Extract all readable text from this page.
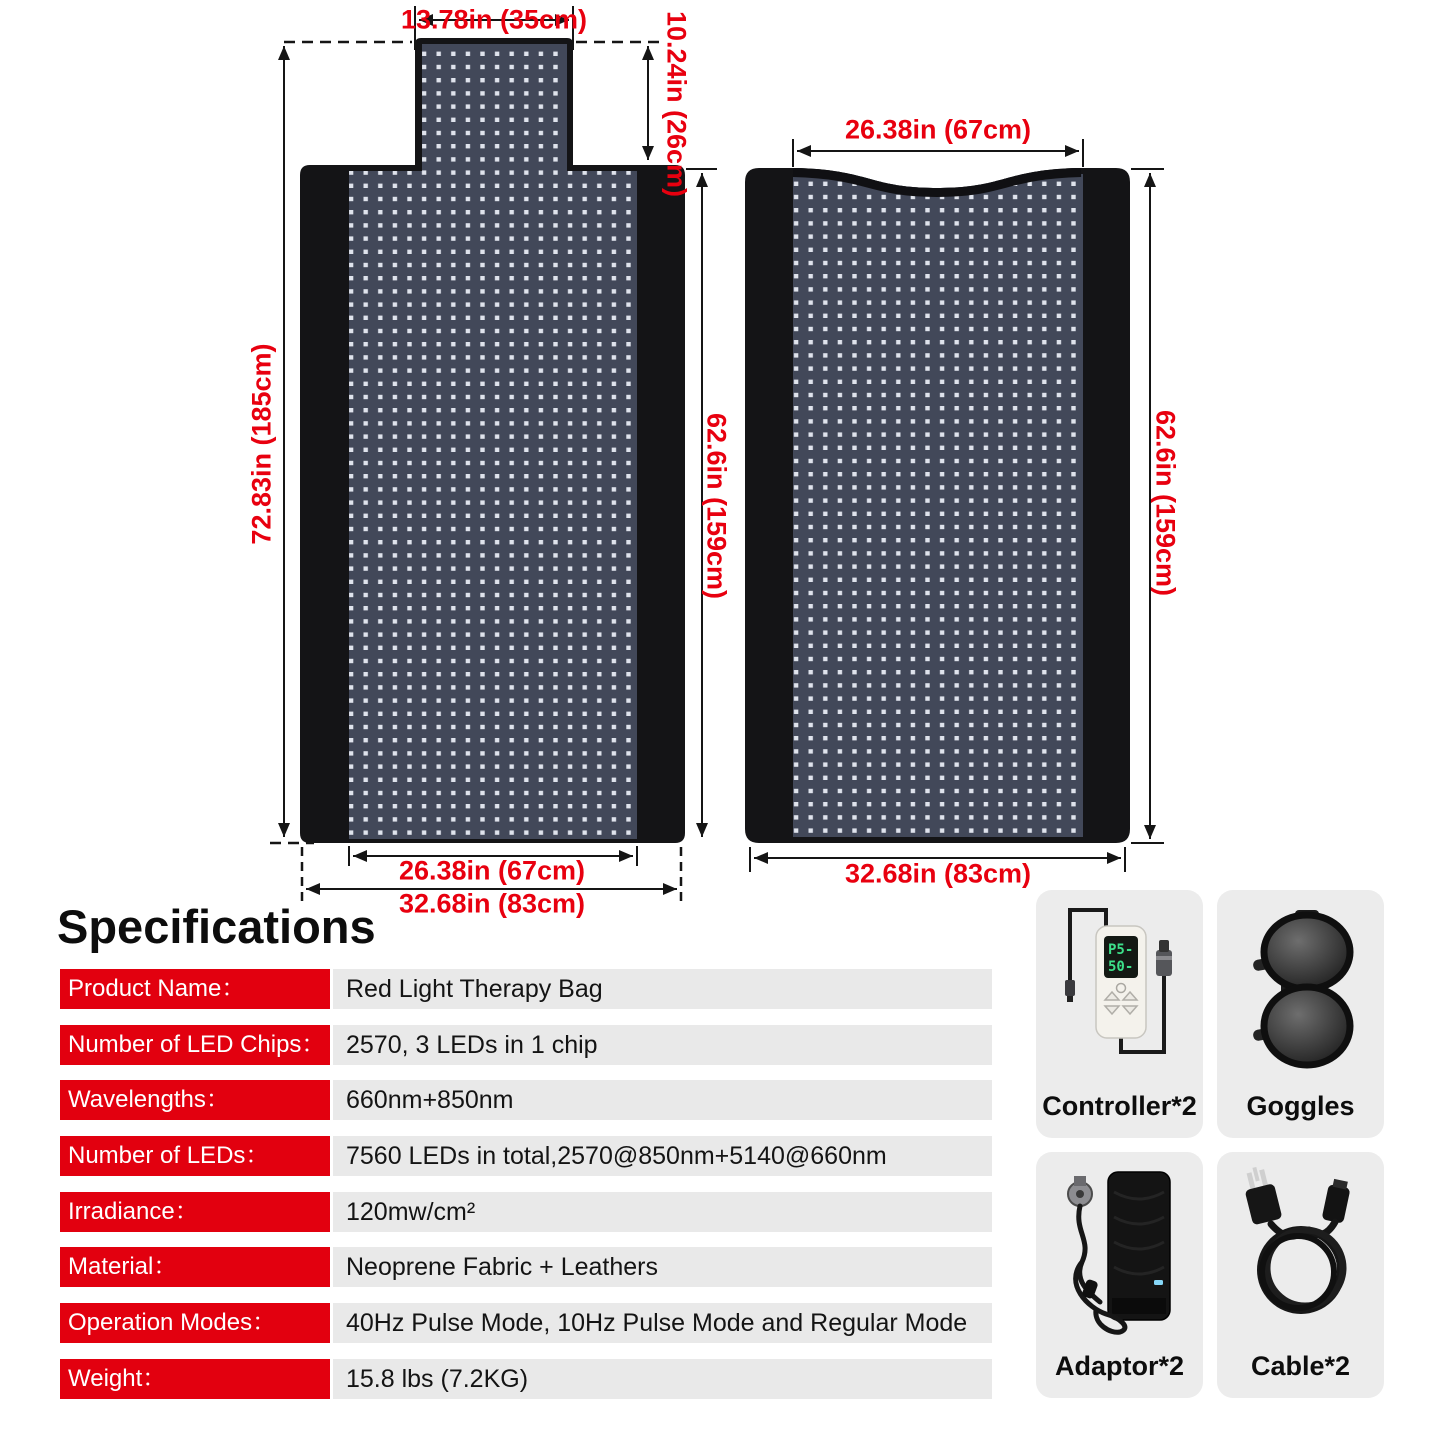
13.78in (35cm)	10.24in (26cm)
72.83in (185cm)	62.6in (159cm)
26.38in (67cm)
32.68in (83cm)
26.38in (67cm)
62.6in (159cm)
32.68in (83cm)
Specifications
Product Name：	Red Light Therapy Bag
Number of LED Chips： 2570, 3 LEDs in 1 chip
Wavelengths：	660nm+850nm
Number of LEDs：	7560 LEDs in total,2570@850nm+5140@660nm
Irradiance：	120mw/cm²
Material：	Neoprene Fabric + Leathers
Operation Modes：	40Hz Pulse Mode, 10Hz Pulse Mode and Regular Mode
Weight：	15.8 lbs (7.2KG)
P5-
50-
Controller*2	Goggles
Adaptor*2	Cable*2
